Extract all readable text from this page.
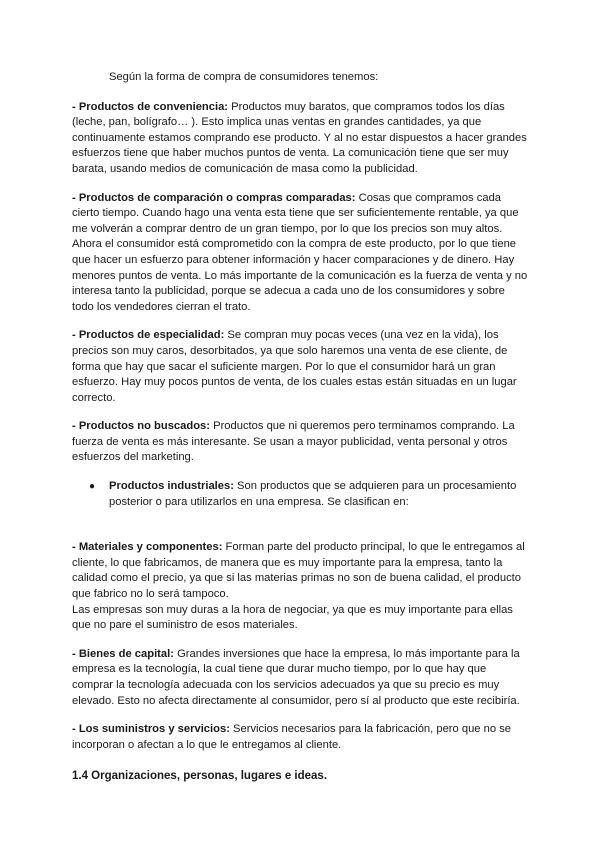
Según la forma de compra de consumidores tenemos:

- Productos de conveniencia: Productos muy baratos, que compramos todos los días (leche, pan, bolígrafo… ). Esto implica unas ventas en grandes cantidades, ya que continuamente estamos comprando ese producto. Y al no estar dispuestos a hacer grandes esfuerzos tiene que haber muchos puntos de venta. La comunicación tiene que ser muy barata, usando medios de comunicación de masa como la publicidad.

- Productos de comparación o compras comparadas: Cosas que compramos cada cierto tiempo. Cuando hago una venta esta tiene que ser suficientemente rentable, ya que me volverán a comprar dentro de un gran tiempo, por lo que los precios son muy altos. Ahora el consumidor está comprometido con la compra de este producto, por lo que tiene que hacer un esfuerzo para obtener información y hacer comparaciones y de dinero. Hay menores puntos de venta. Lo más importante de la comunicación es la fuerza de venta y no interesa tanto la publicidad, porque se adecua a cada uno de los consumidores y sobre todo los vendedores cierran el trato.

- Productos de especialidad: Se compran muy pocas veces (una vez en la vida), los precios son muy caros, desorbitados, ya que solo haremos una venta de ese cliente, de forma que hay que sacar el suficiente margen. Por lo que el consumidor hará un gran esfuerzo. Hay muy pocos puntos de venta, de los cuales estas están situadas en un lugar correcto.

- Productos no buscados: Productos que ni queremos pero terminamos comprando. La fuerza de venta es más interesante. Se usan a mayor publicidad, venta personal y otros esfuerzos del marketing.

● Productos industriales: Son productos que se adquieren para un procesamiento posterior o para utilizarlos en una empresa. Se clasifican en:

- Materiales y componentes: Forman parte del producto principal, lo que le entregamos al cliente, lo que fabricamos, de manera que es muy importante para la empresa, tanto la calidad como el precio, ya que si las materias primas no son de buena calidad, el producto que fabrico no lo será tampoco.
Las empresas son muy duras a la hora de negociar, ya que es muy importante para ellas que no pare el suministro de esos materiales.

- Bienes de capital: Grandes inversiones que hace la empresa, lo más importante para la empresa es la tecnología, la cual tiene que durar mucho tiempo, por lo que hay que comprar la tecnología adecuada con los servicios adecuados ya que su precio es muy elevado. Esto no afecta directamente al consumidor, pero sí al producto que este recibiría.

- Los suministros y servicios: Servicios necesarios para la fabricación, pero que no se incorporan o afectan a lo que le entregamos al cliente.

1.4 Organizaciones, personas, lugares e ideas.
